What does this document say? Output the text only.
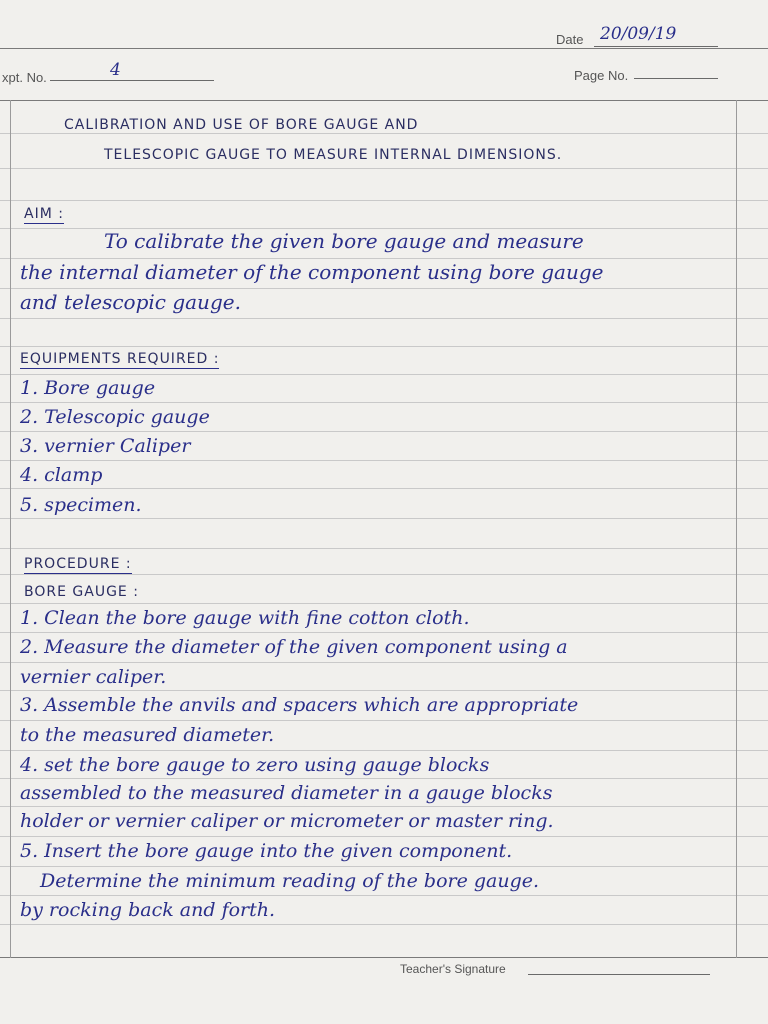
Date 20/09/19
xpt. No.	4	Page No.
CALIBRATION AND USE OF BORE GAUGE AND
TELESCOPIC GAUGE TO MEASURE INTERNAL DIMENSIONS.
AIM :
To calibrate the given bore gauge and measure
the internal diameter of the component using bore gauge
and telescopic gauge.
EQUIPMENTS REQUIRED :
1. Bore gauge
2. Telescopic gauge
3. vernier Caliper
4. clamp
5. specimen.
PROCEDURE :
BORE GAUGE :
1. Clean the bore gauge with fine cotton cloth.
2. Measure the diameter of the given component using a
vernier caliper.
3. Assemble the anvils and spacers which are appropriate
to the measured diameter.
4. set the bore gauge to zero using gauge blocks
assembled to the measured diameter in a gauge blocks
holder or vernier caliper or micrometer or master ring.
5. Insert the bore gauge into the given component.
Determine the minimum reading of the bore gauge.
by rocking back and forth.
Teacher's Signature
